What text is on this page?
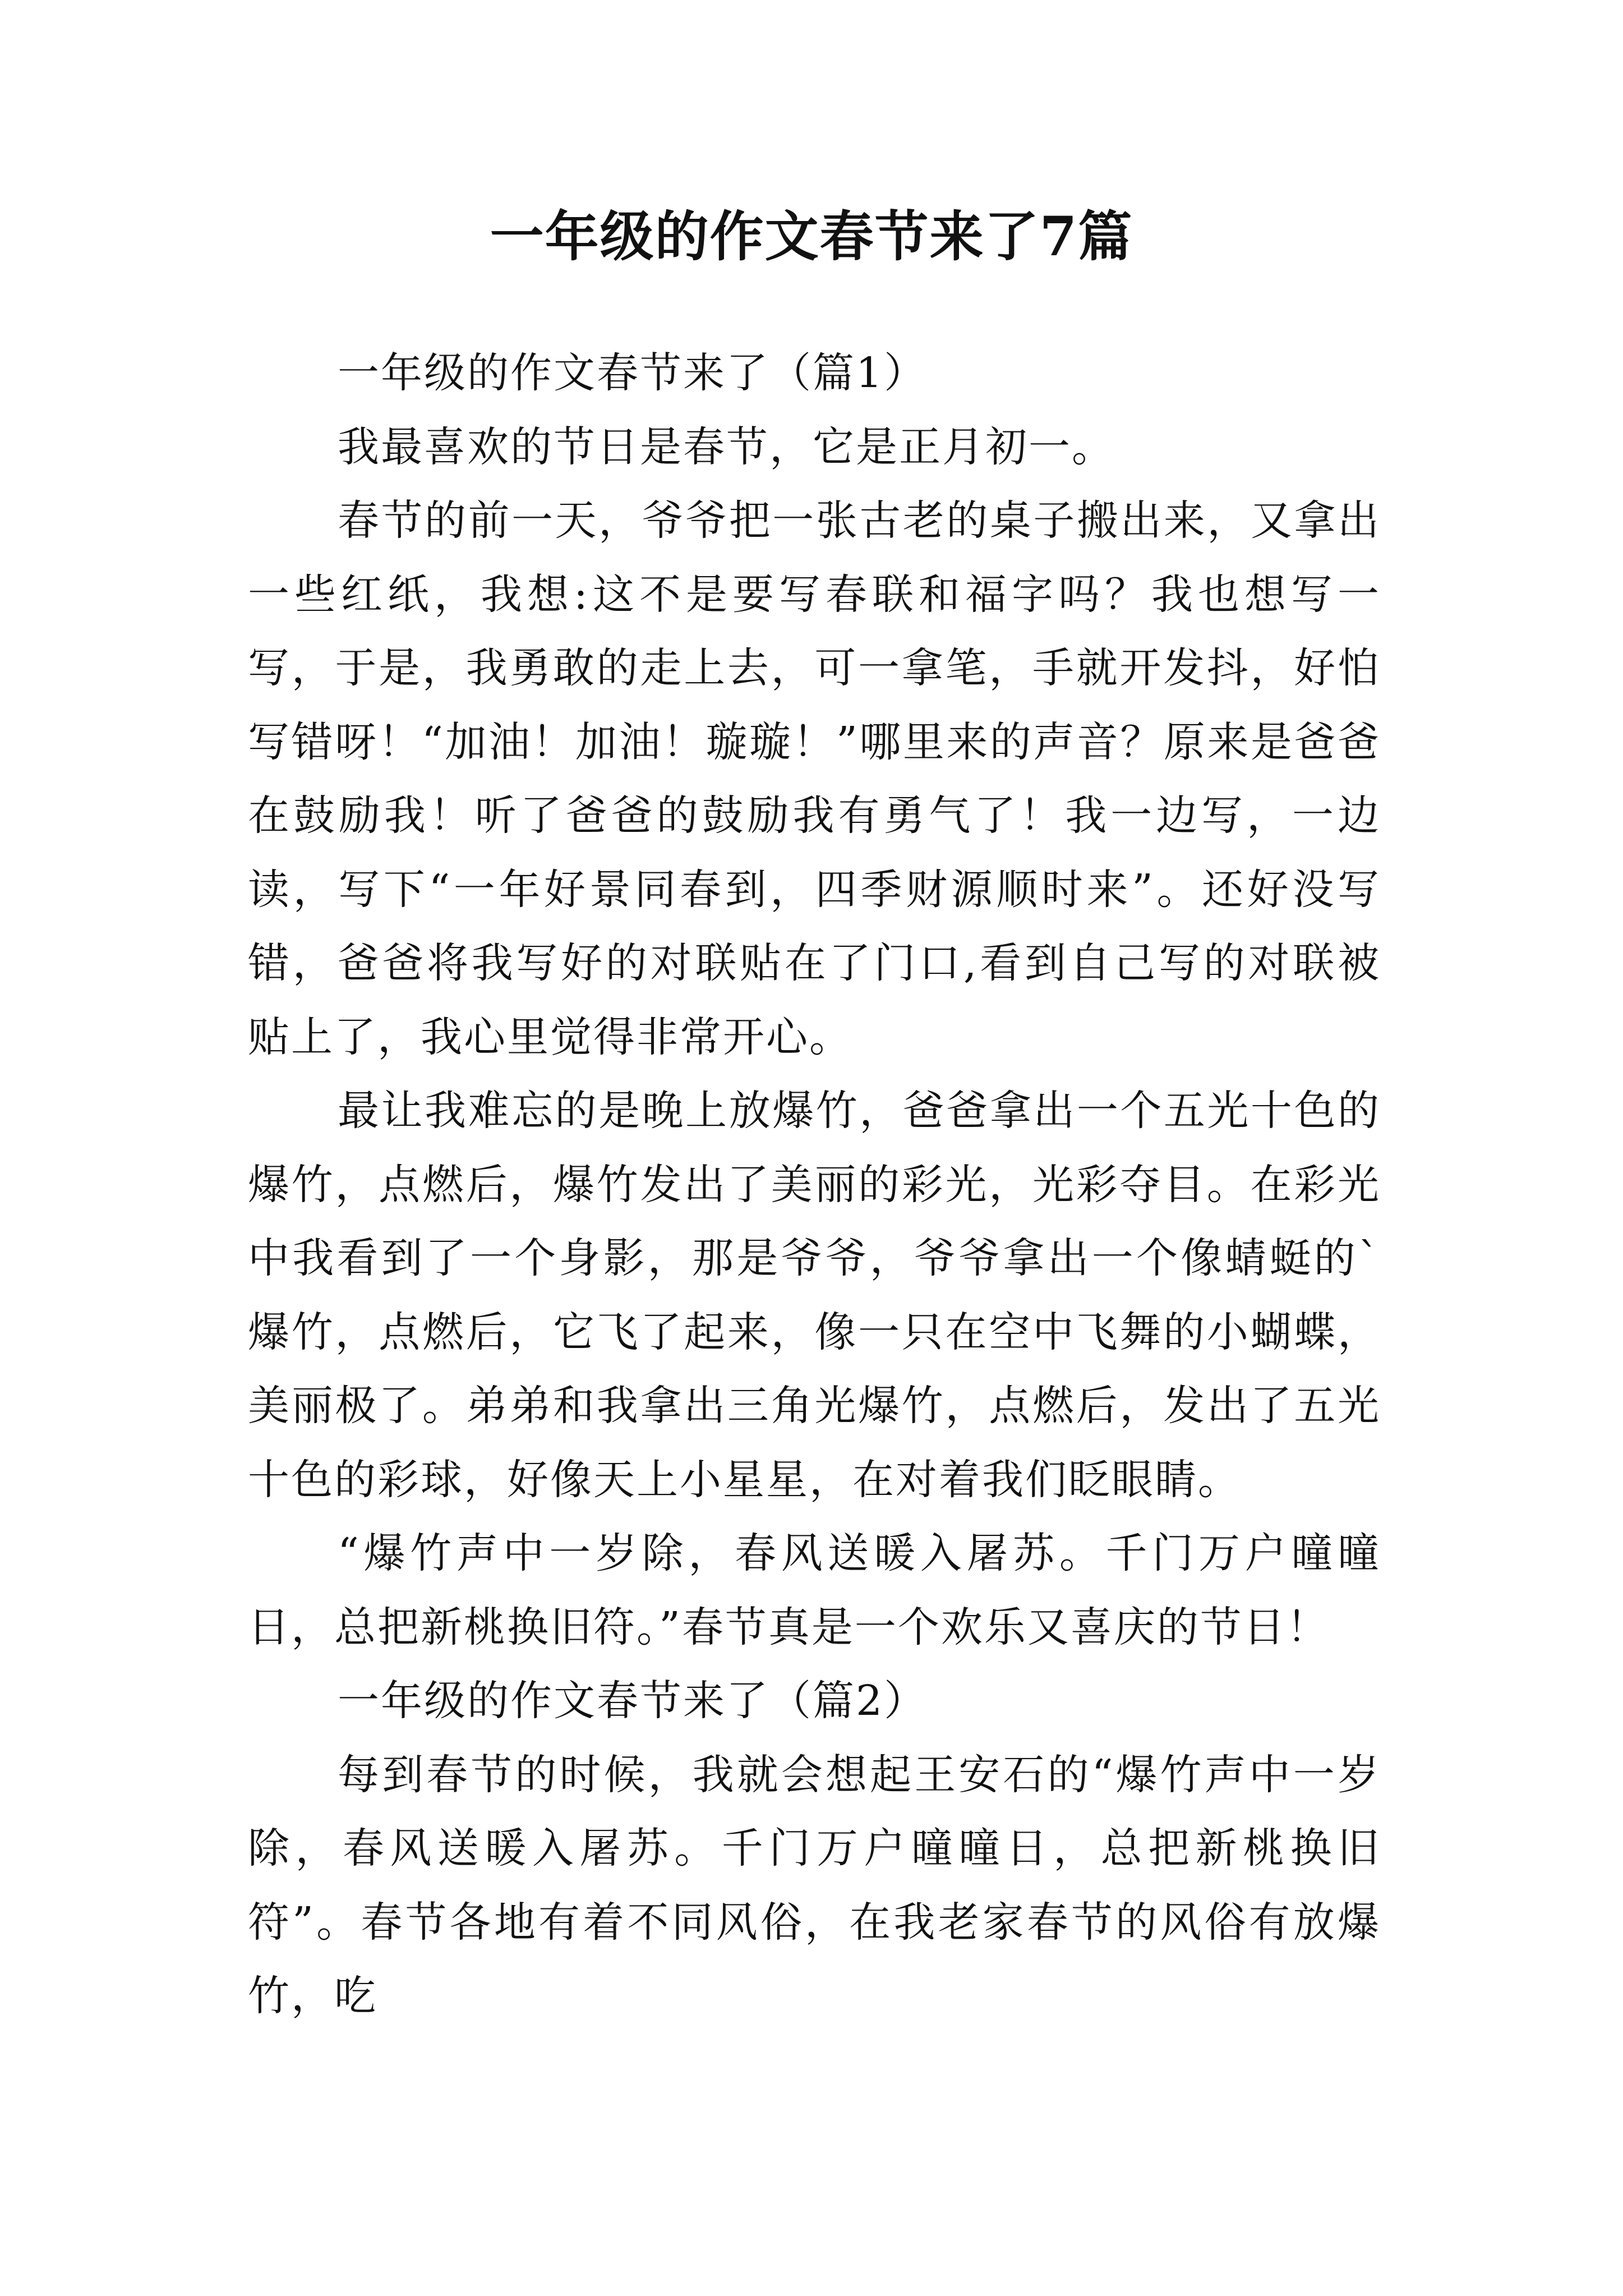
一年级的作文春节来了7篇

一年级的作文春节来了（篇1）

我最喜欢的节日是春节，它是正月初一。

春节的前一天，爷爷把一张古老的桌子搬出来，又拿出一些红纸，我想:这不是要写春联和福字吗？我也想写一写，于是，我勇敢的走上去，可一拿笔，手就开发抖，好怕写错呀！“加油！加油！璇璇！”哪里来的声音？原来是爸爸在鼓励我！听了爸爸的鼓励我有勇气了！我一边写，一边读，写下“一年好景同春到，四季财源顺时来”。还好没写错，爸爸将我写好的对联贴在了门口,看到自己写的对联被贴上了，我心里觉得非常开心。

最让我难忘的是晚上放爆竹，爸爸拿出一个五光十色的爆竹，点燃后，爆竹发出了美丽的彩光，光彩夺目。在彩光中我看到了一个身影，那是爷爷，爷爷拿出一个像蜻蜓的`爆竹，点燃后，它飞了起来，像一只在空中飞舞的小蝴蝶，美丽极了。弟弟和我拿出三角光爆竹，点燃后，发出了五光十色的彩球，好像天上小星星，在对着我们眨眼睛。

“爆竹声中一岁除，春风送暖入屠苏。千门万户曈曈日，总把新桃换旧符。”春节真是一个欢乐又喜庆的节日！

一年级的作文春节来了（篇2）

每到春节的时候，我就会想起王安石的“爆竹声中一岁除，春风送暖入屠苏。千门万户曈曈日，总把新桃换旧符”。春节各地有着不同风俗，在我老家春节的风俗有放爆竹，吃
